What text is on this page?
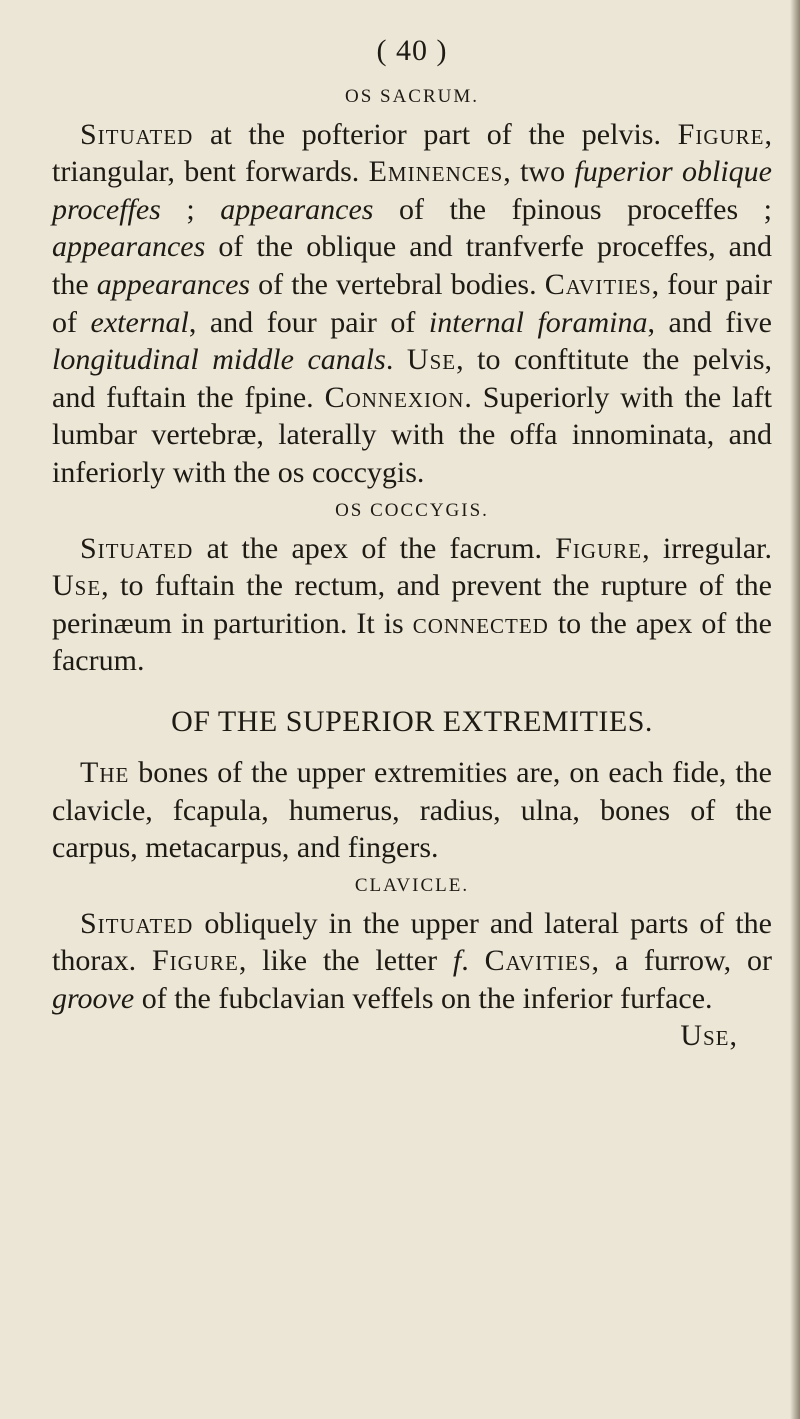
( 40 )
OS SACRUM.

Situated at the pofterior part of the pelvis. Figure, triangular, bent forwards. Eminences, two fuperior oblique proceffes ; appearances of the fpinous proceffes ; appearances of the oblique and tranfverfe proceffes, and the appearances of the vertebral bodies. Cavities, four pair of external, and four pair of internal foramina, and five longitudinal middle canals. Use, to conftitute the pelvis, and fuftain the fpine. Connexion. Superiorly with the laft lumbar vertebræ, laterally with the offa innominata, and inferiorly with the os coccygis.

OS COCCYGIS.

Situated at the apex of the facrum. Figure, irregular. Use, to fuftain the rectum, and prevent the rupture of the perinæum in parturition. It is connected to the apex of the facrum.

OF THE SUPERIOR EXTREMITIES.

The bones of the upper extremities are, on each fide, the clavicle, fcapula, humerus, radius, ulna, bones of the carpus, metacarpus, and fingers.

CLAVICLE.

Situated obliquely in the upper and lateral parts of the thorax. Figure, like the letter f. Cavities, a furrow, or groove of the fubclavian veffels on the inferior furface.

Use,
